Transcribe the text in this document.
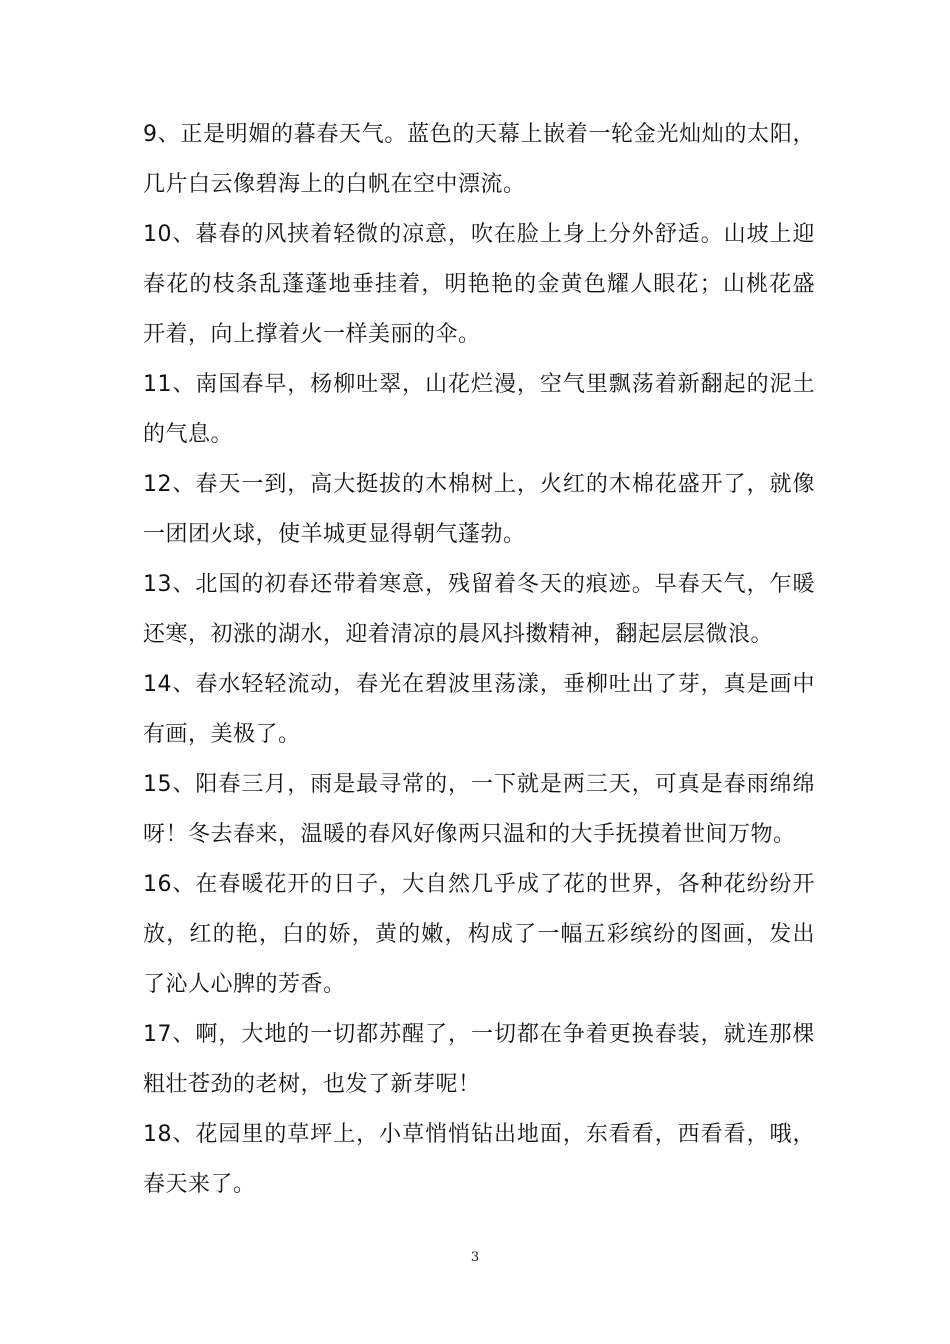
9、正是明媚的暮春天气。蓝色的天幕上嵌着一轮金光灿灿的太阳，几片白云像碧海上的白帆在空中漂流。

10、暮春的风挟着轻微的凉意，吹在脸上身上分外舒适。山坡上迎春花的枝条乱蓬蓬地垂挂着，明艳艳的金黄色耀人眼花；山桃花盛开着，向上撑着火一样美丽的伞。

11、南国春早，杨柳吐翠，山花烂漫，空气里飘荡着新翻起的泥土的气息。

12、春天一到，高大挺拔的木棉树上，火红的木棉花盛开了，就像一团团火球，使羊城更显得朝气蓬勃。

13、北国的初春还带着寒意，残留着冬天的痕迹。早春天气，乍暖还寒，初涨的湖水，迎着清凉的晨风抖擞精神，翻起层层微浪。

14、春水轻轻流动，春光在碧波里荡漾，垂柳吐出了芽，真是画中有画，美极了。

15、阳春三月，雨是最寻常的，一下就是两三天，可真是春雨绵绵呀！冬去春来，温暖的春风好像两只温和的大手抚摸着世间万物。

16、在春暖花开的日子，大自然几乎成了花的世界，各种花纷纷开放，红的艳，白的娇，黄的嫩，构成了一幅五彩缤纷的图画，发出了沁人心脾的芳香。

17、啊，大地的一切都苏醒了，一切都在争着更换春装，就连那棵粗壮苍劲的老树，也发了新芽呢！

18、花园里的草坪上，小草悄悄钻出地面，东看看，西看看，哦，春天来了。

3
